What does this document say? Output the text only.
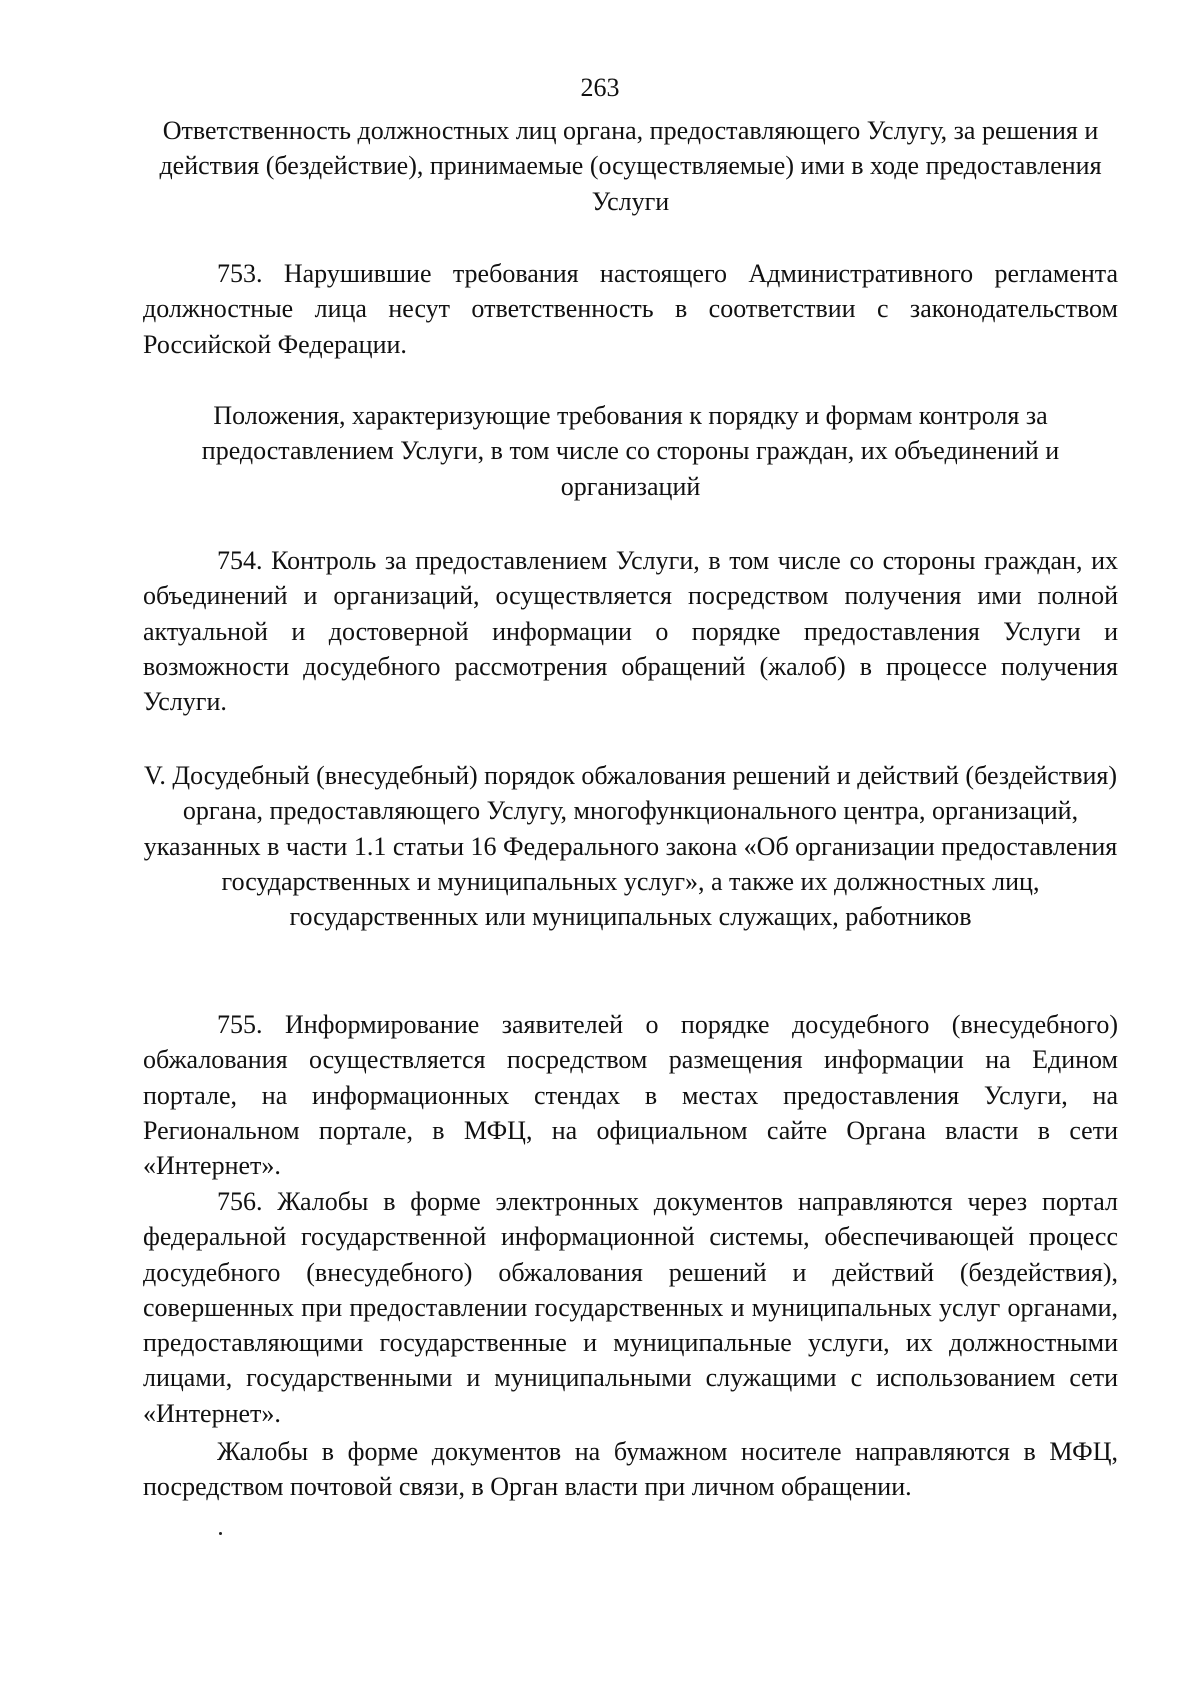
263
Ответственность должностных лиц органа, предоставляющего Услугу, за решения и действия (бездействие), принимаемые (осуществляемые) ими в ходе предоставления Услуги
753. Нарушившие требования настоящего Административного регламента должностные лица несут ответственность в соответствии с законодательством Российской Федерации.
Положения, характеризующие требования к порядку и формам контроля за предоставлением Услуги, в том числе со стороны граждан, их объединений и организаций
754. Контроль за предоставлением Услуги, в том числе со стороны граждан, их объединений и организаций, осуществляется посредством получения ими полной актуальной и достоверной информации о порядке предоставления Услуги и возможности досудебного рассмотрения обращений (жалоб) в процессе получения Услуги.
V. Досудебный (внесудебный) порядок обжалования решений и действий (бездействия) органа, предоставляющего Услугу, многофункционального центра, организаций, указанных в части 1.1 статьи 16 Федерального закона «Об организации предоставления государственных и муниципальных услуг», а также их должностных лиц, государственных или муниципальных служащих, работников
755. Информирование заявителей о порядке досудебного (внесудебного) обжалования осуществляется посредством размещения информации на Едином портале, на информационных стендах в местах предоставления Услуги, на Региональном портале, в МФЦ, на официальном сайте Органа власти в сети «Интернет».
756. Жалобы в форме электронных документов направляются через портал федеральной государственной информационной системы, обеспечивающей процесс досудебного (внесудебного) обжалования решений и действий (бездействия), совершенных при предоставлении государственных и муниципальных услуг органами, предоставляющими государственные и муниципальные услуги, их должностными лицами, государственными и муниципальными служащими с использованием сети «Интернет».
Жалобы в форме документов на бумажном носителе направляются в МФЦ, посредством почтовой связи, в Орган власти при личном обращении.
